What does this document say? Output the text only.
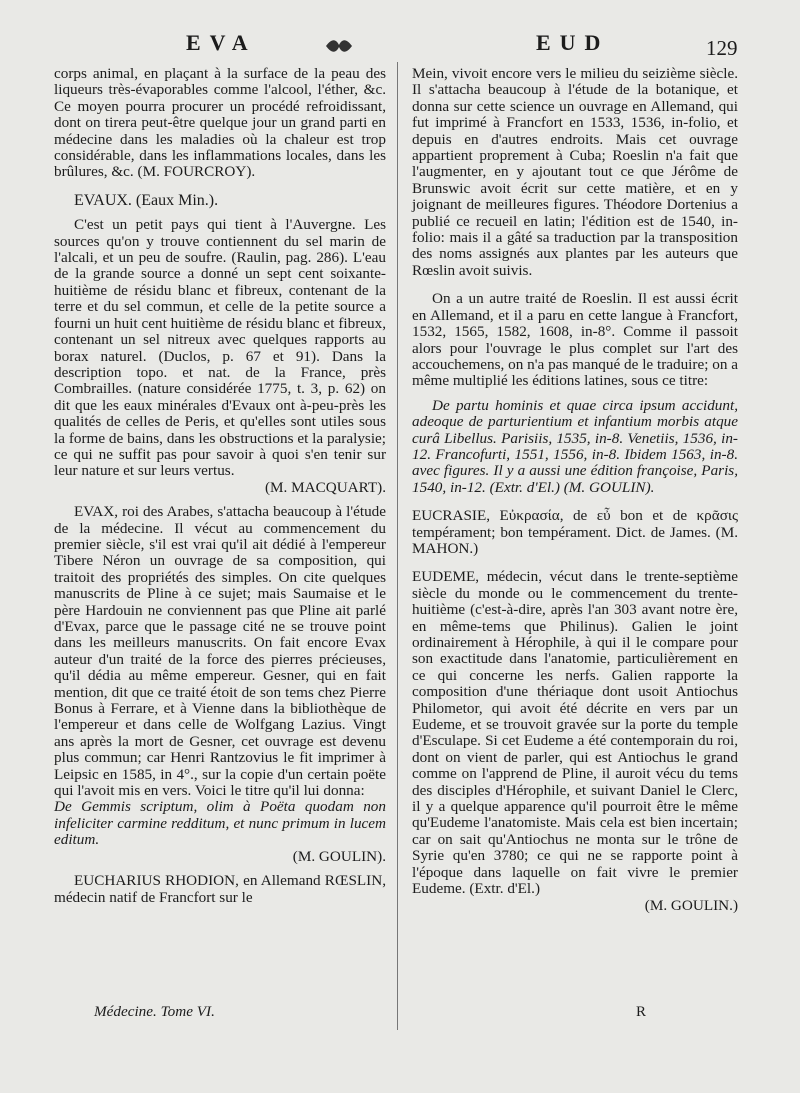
EVA	EUD	129

corps animal, en plaçant à la surface de la peau des liqueurs très-évaporables comme l'alcool, l'éther, &c. Ce moyen pourra procurer un procédé refroidissant, dont on tirera peut-être quelque jour un grand parti en médecine dans les maladies où la chaleur est trop considérable, dans les inflammations locales, dans les brûlures, &c. (M. FOURCROY).

EVAUX. (Eaux Min.).

C'est un petit pays qui tient à l'Auvergne. Les sources qu'on y trouve contiennent du sel marin de l'alcali, et un peu de soufre. (Raulin, pag. 286). L'eau de la grande source a donné un sept cent soixante-huitième de résidu blanc et fibreux, contenant de la terre et du sel commun, et celle de la petite source a fourni un huit cent huitième de résidu blanc et fibreux, contenant un sel nitreux avec quelques rapports au borax naturel. (Duclos, p. 67 et 91). Dans la description topo. et nat. de la France, près Combrailles. (nature considérée 1775, t. 3, p. 62) on dit que les eaux minérales d'Evaux ont à-peu-près les qualités de celles de Peris, et qu'elles sont utiles sous la forme de bains, dans les obstructions et la paralysie; ce qui ne suffit pas pour savoir à quoi s'en tenir sur leur nature et sur leurs vertus.

(M. MACQUART).

EVAX, roi des Arabes, s'attacha beaucoup à l'étude de la médecine. Il vécut au commencement du premier siècle, s'il est vrai qu'il ait dédié à l'empereur Tibere Néron un ouvrage de sa composition, qui traitoit des propriétés des simples. On cite quelques manuscrits de Pline à ce sujet; mais Saumaise et le père Hardouin ne conviennent pas que Pline ait parlé d'Evax, parce que le passage cité ne se trouve point dans les meilleurs manuscrits. On fait encore Evax auteur d'un traité de la force des pierres précieuses, qu'il dédia au même empereur. Gesner, qui en fait mention, dit que ce traité étoit de son tems chez Pierre Bonus à Ferrare, et à Vienne dans la bibliothèque de l'empereur et dans celle de Wolfgang Lazius. Vingt ans après la mort de Gesner, cet ouvrage est devenu plus commun; car Henri Rantzovius le fit imprimer à Leipsic en 1585, in 4°., sur la copie d'un certain poëte qui l'avoit mis en vers. Voici le titre qu'il lui donna:

De Gemmis scriptum, olim à Poëta quodam non infeliciter carmine redditum, et nunc primum in lucem editum.

(M. GOULIN).

EUCHARIUS RHODION, en Allemand RŒSLIN, médecin natif de Francfort sur le

Mein, vivoit encore vers le milieu du seizième siècle. Il s'attacha beaucoup à l'étude de la botanique, et donna sur cette science un ouvrage en Allemand, qui fut imprimé à Francfort en 1533, 1536, in-folio, et depuis en d'autres endroits. Mais cet ouvrage appartient proprement à Cuba; Roeslin n'a fait que l'augmenter, en y ajoutant tout ce que Jérôme de Brunswic avoit écrit sur cette matière, et en y joignant de meilleures figures. Théodore Dortenius a publié ce recueil en latin; l'édition est de 1540, in-folio: mais il a gâté sa traduction par la transposition des noms assignés aux plantes par les auteurs que Rœslin avoit suivis.

On a un autre traité de Roeslin. Il est aussi écrit en Allemand, et il a paru en cette langue à Francfort, 1532, 1565, 1582, 1608, in-8°. Comme il passoit alors pour l'ouvrage le plus complet sur l'art des accouchemens, on n'a pas manqué de le traduire; on a même multiplié les éditions latines, sous ce titre:

De partu hominis et quae circa ipsum accidunt, adeoque de parturientium et infantium morbis atque curâ Libellus. Parisiis, 1535, in-8. Venetiis, 1536, in-12. Francofurti, 1551, 1556, in-8. Ibidem 1563, in-8. avec figures. Il y a aussi une édition françoise, Paris, 1540, in-12. (Extr. d'El.) (M. GOULIN).

EUCRASIE, Εὐκρασία, de εὖ bon et de κρᾶσις tempérament; bon tempérament. Dict. de James. (M. MAHON.)

EUDEME, médecin, vécut dans le trente-septième siècle du monde ou le commencement du trente-huitième (c'est-à-dire, après l'an 303 avant notre ère, en même-tems que Philinus). Galien le joint ordinairement à Hérophile, à qui il le compare pour son exactitude dans l'anatomie, particulièrement en ce qui concerne les nerfs. Galien rapporte la composition d'une thériaque dont usoit Antiochus Philometor, qui avoit été décrite en vers par un Eudeme, et se trouvoit gravée sur la porte du temple d'Esculape. Si cet Eudeme a été contemporain du roi, dont on vient de parler, qui est Antiochus le grand comme on l'apprend de Pline, il auroit vécu du tems des disciples d'Hérophile, et suivant Daniel le Clerc, il y a quelque apparence qu'il pourroit être le même qu'Eudeme l'anatomiste. Mais cela est bien incertain; car on sait qu'Antiochus ne monta sur le trône de Syrie qu'en 3780; ce qui ne se rapporte point à l'époque dans laquelle on fait vivre le premier Eudeme. (Extr. d'El.)

(M. GOULIN.)

Médecine. Tome VI.	R
